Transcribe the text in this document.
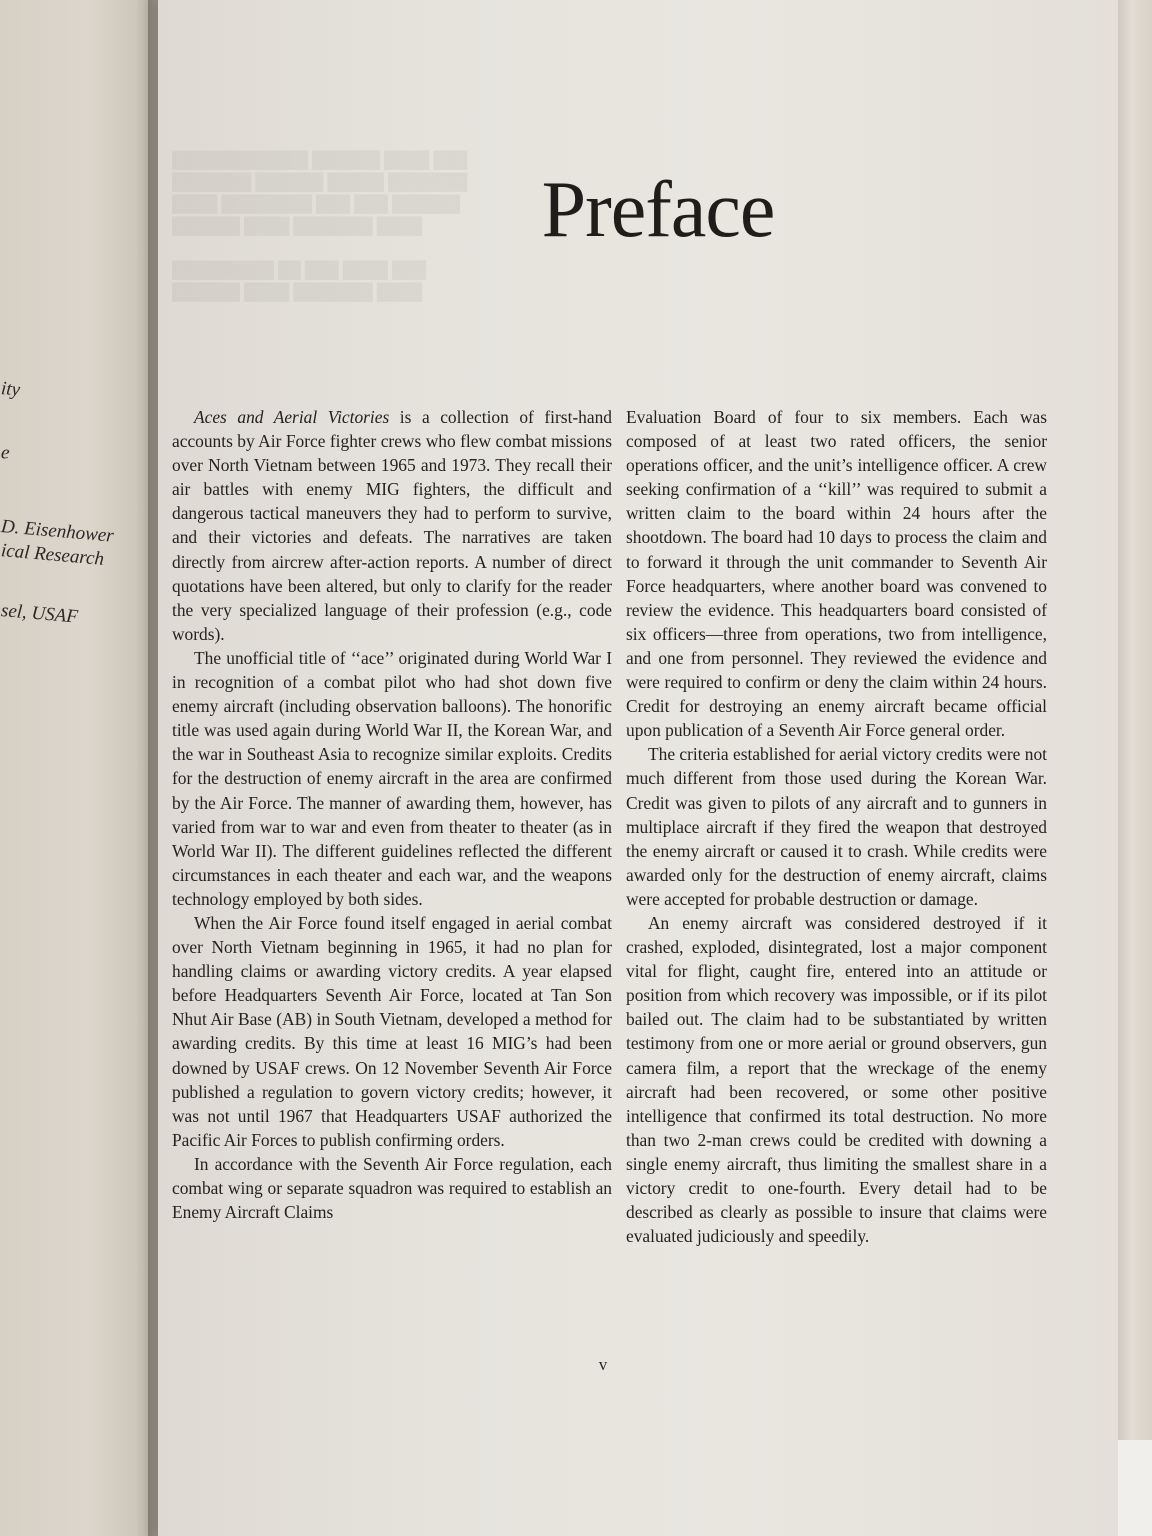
ity
e
D. Eisenhower
ical Research
sel, USAF
████████████ ██████ ████ ███
███████ ██████ █████ ███████
████ ████████ ███ ███ ██████
██████ ████ ███████ ████

█████████ ██ ███ ████ ███
██████ ████ ███████ ████
Preface

Aces and Aerial Victories is a collection of first-hand accounts by Air Force fighter crews who flew combat missions over North Vietnam between 1965 and 1973. They recall their air battles with enemy MIG fighters, the difficult and dangerous tactical maneuvers they had to perform to survive, and their victories and defeats. The narratives are taken directly from aircrew after-action reports. A number of direct quotations have been altered, but only to clarify for the reader the very specialized language of their profession (e.g., code words).

The unofficial title of ‘‘ace’’ originated during World War I in recognition of a combat pilot who had shot down five enemy aircraft (including observation balloons). The honorific title was used again during World War II, the Korean War, and the war in Southeast Asia to recognize similar exploits. Credits for the destruction of enemy aircraft in the area are confirmed by the Air Force. The manner of awarding them, however, has varied from war to war and even from theater to theater (as in World War II). The different guidelines reflected the different circumstances in each theater and each war, and the weapons technology employed by both sides.

When the Air Force found itself engaged in aerial combat over North Vietnam beginning in 1965, it had no plan for handling claims or awarding victory credits. A year elapsed before Headquarters Seventh Air Force, located at Tan Son Nhut Air Base (AB) in South Vietnam, developed a method for awarding credits. By this time at least 16 MIG’s had been downed by USAF crews. On 12 November Seventh Air Force published a regulation to govern victory credits; however, it was not until 1967 that Headquarters USAF authorized the Pacific Air Forces to publish confirming orders.

In accordance with the Seventh Air Force regulation, each combat wing or separate squadron was required to establish an Enemy Aircraft Claims

Evaluation Board of four to six members. Each was composed of at least two rated officers, the senior operations officer, and the unit’s intelligence officer. A crew seeking confirmation of a ‘‘kill’’ was required to submit a written claim to the board within 24 hours after the shootdown. The board had 10 days to process the claim and to forward it through the unit commander to Seventh Air Force headquarters, where another board was convened to review the evidence. This headquarters board consisted of six officers—three from operations, two from intelligence, and one from personnel. They reviewed the evidence and were required to confirm or deny the claim within 24 hours. Credit for destroying an enemy aircraft became official upon publication of a Seventh Air Force general order.

The criteria established for aerial victory credits were not much different from those used during the Korean War. Credit was given to pilots of any aircraft and to gunners in multiplace aircraft if they fired the weapon that destroyed the enemy aircraft or caused it to crash. While credits were awarded only for the destruction of enemy aircraft, claims were accepted for probable destruction or damage.

An enemy aircraft was considered destroyed if it crashed, exploded, disintegrated, lost a major component vital for flight, caught fire, entered into an attitude or position from which recovery was impossible, or if its pilot bailed out. The claim had to be substantiated by written testimony from one or more aerial or ground observers, gun camera film, a report that the wreckage of the enemy aircraft had been recovered, or some other positive intelligence that confirmed its total destruction. No more than two 2-man crews could be credited with downing a single enemy aircraft, thus limiting the smallest share in a victory credit to one-fourth. Every detail had to be described as clearly as possible to insure that claims were evaluated judiciously and speedily.

v
